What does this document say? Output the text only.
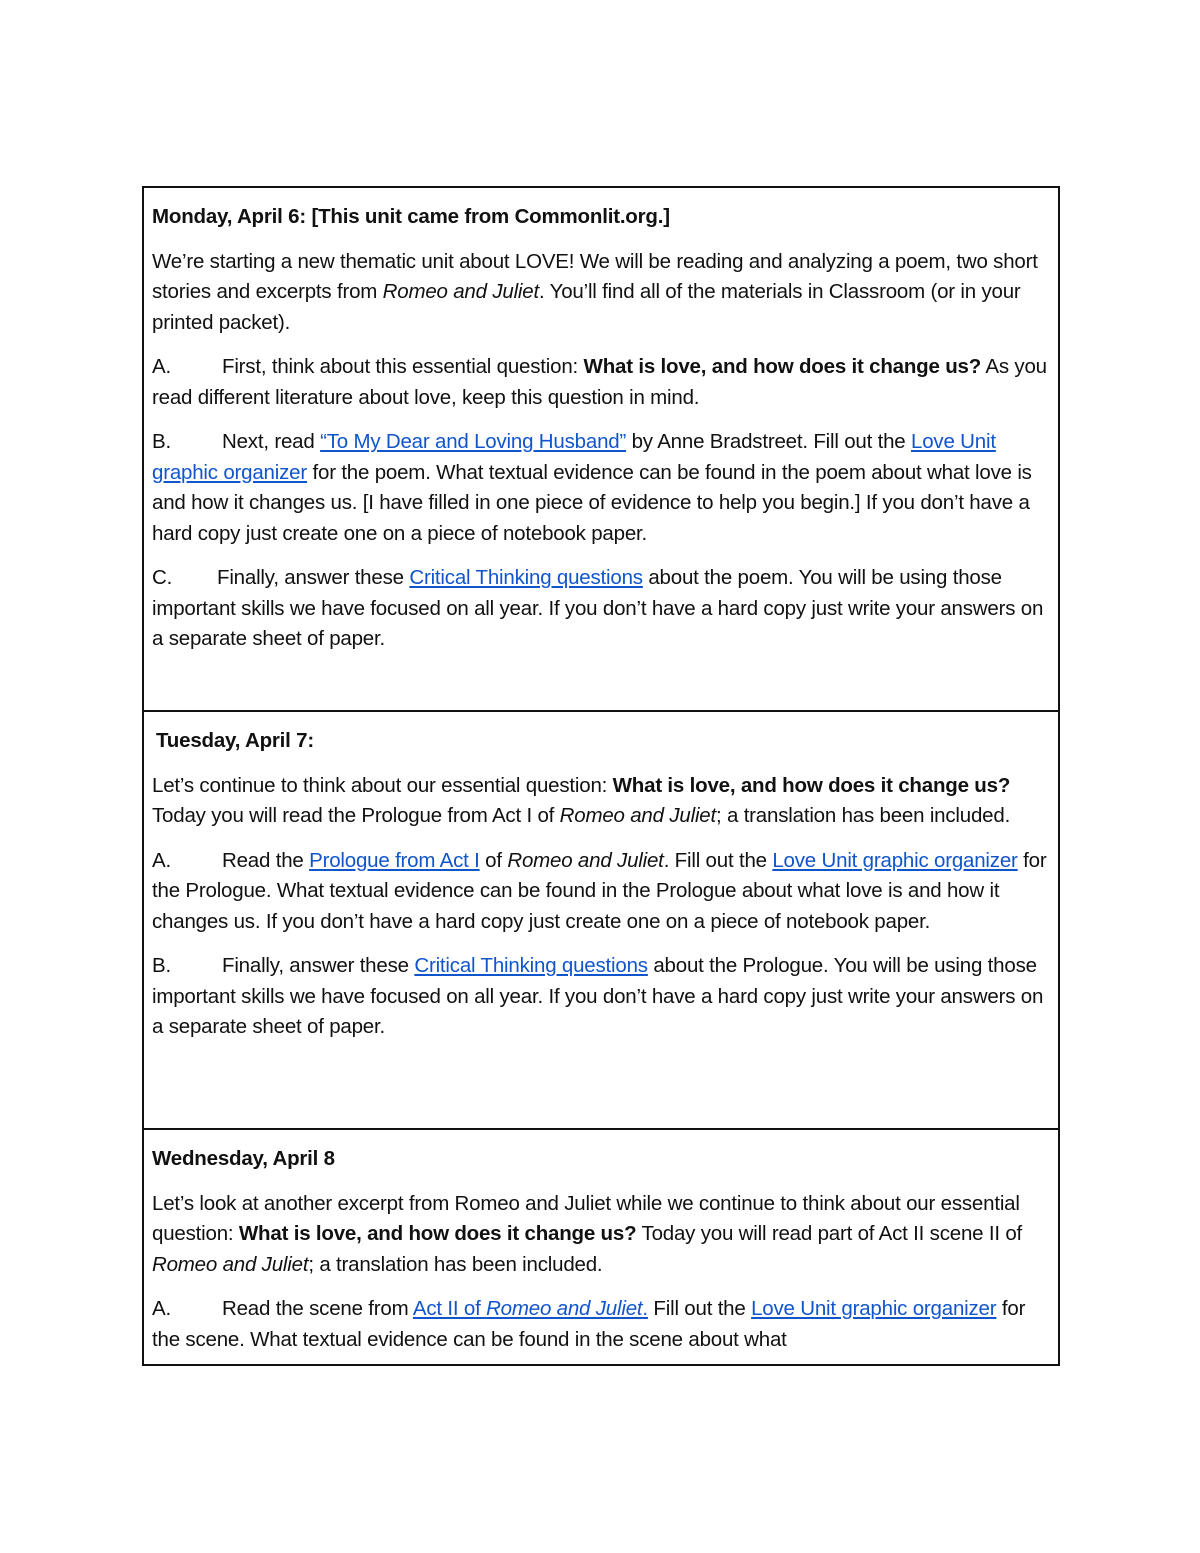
Monday, April 6: [This unit came from Commonlit.org.]

We’re starting a new thematic unit about LOVE! We will be reading and analyzing a poem, two short stories and excerpts from Romeo and Juliet. You’ll find all of the materials in Classroom (or in your printed packet).

A. First, think about this essential question: What is love, and how does it change us? As you read different literature about love, keep this question in mind.

B. Next, read “To My Dear and Loving Husband” by Anne Bradstreet. Fill out the Love Unit graphic organizer for the poem. What textual evidence can be found in the poem about what love is and how it changes us. [I have filled in one piece of evidence to help you begin.] If you don’t have a hard copy just create one on a piece of notebook paper.

C. Finally, answer these Critical Thinking questions about the poem. You will be using those important skills we have focused on all year. If you don’t have a hard copy just write your answers on a separate sheet of paper.

Tuesday, April 7:

Let’s continue to think about our essential question: What is love, and how does it change us? Today you will read the Prologue from Act I of Romeo and Juliet; a translation has been included.

A. Read the Prologue from Act I of Romeo and Juliet. Fill out the Love Unit graphic organizer for the Prologue. What textual evidence can be found in the Prologue about what love is and how it changes us. If you don’t have a hard copy just create one on a piece of notebook paper.

B. Finally, answer these Critical Thinking questions about the Prologue. You will be using those important skills we have focused on all year. If you don’t have a hard copy just write your answers on a separate sheet of paper.

Wednesday, April 8

Let’s look at another excerpt from Romeo and Juliet while we continue to think about our essential question: What is love, and how does it change us? Today you will read part of Act II scene II of Romeo and Juliet; a translation has been included.

A. Read the scene from Act II of Romeo and Juliet. Fill out the Love Unit graphic organizer for the scene. What textual evidence can be found in the scene about what
